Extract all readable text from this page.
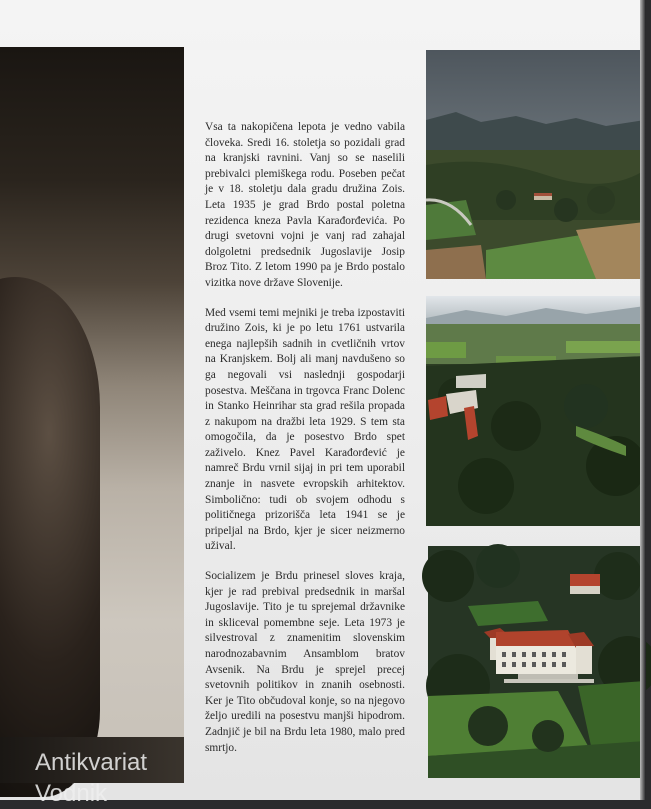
Antikvariat
Vodnik

Vsa ta nakopičena lepota je vedno vabila človeka. Sredi 16. stoletja so pozidali grad na kranjski ravnini. Vanj so se naselili prebivalci plemiškega rodu. Poseben pečat je v 18. stoletju dala gradu družina Zois. Leta 1935 je grad Brdo postal poletna rezidenca kneza Pavla Karađorđevića. Po drugi svetovni vojni je vanj rad zahajal dolgoletni predsednik Jugoslavije Josip Broz Tito. Z letom 1990 pa je Brdo postalo vizitka nove države Slovenije.

Med vsemi temi mejniki je treba izpostaviti družino Zois, ki je po letu 1761 ustvarila enega najlepših sadnih in cvetličnih vrtov na Kranjskem. Bolj ali manj navdušeno so ga negovali vsi naslednji gospodarji posestva. Meščana in trgovca Franc Dolenc in Stanko Heinrihar sta grad rešila propada z nakupom na dražbi leta 1929. S tem sta omogočila, da je posestvo Brdo spet zaživelo. Knez Pavel Karađorđević je namreč Brdu vrnil sijaj in pri tem uporabil znanje in nasvete evropskih arhitektov. Simbolično: tudi ob svojem odhodu s političnega prizorišča leta 1941 se je pripeljal na Brdo, kjer je sicer neizmerno užival.

Socializem je Brdu prinesel sloves kraja, kjer je rad prebival predsednik in maršal Jugoslavije. Tito je tu sprejemal državnike in skliceval pomembne seje. Leta 1973 je silvestroval z znamenitim slovenskim narodnozabavnim Ansamblom bratov Avsenik. Na Brdu je sprejel precej svetovnih politikov in znanih osebnosti. Ker je Tito občudoval konje, so na njegovo željo uredili na posestvu manjši hipodrom. Zadnjič je bil na Brdu leta 1980, malo pred smrtjo.
